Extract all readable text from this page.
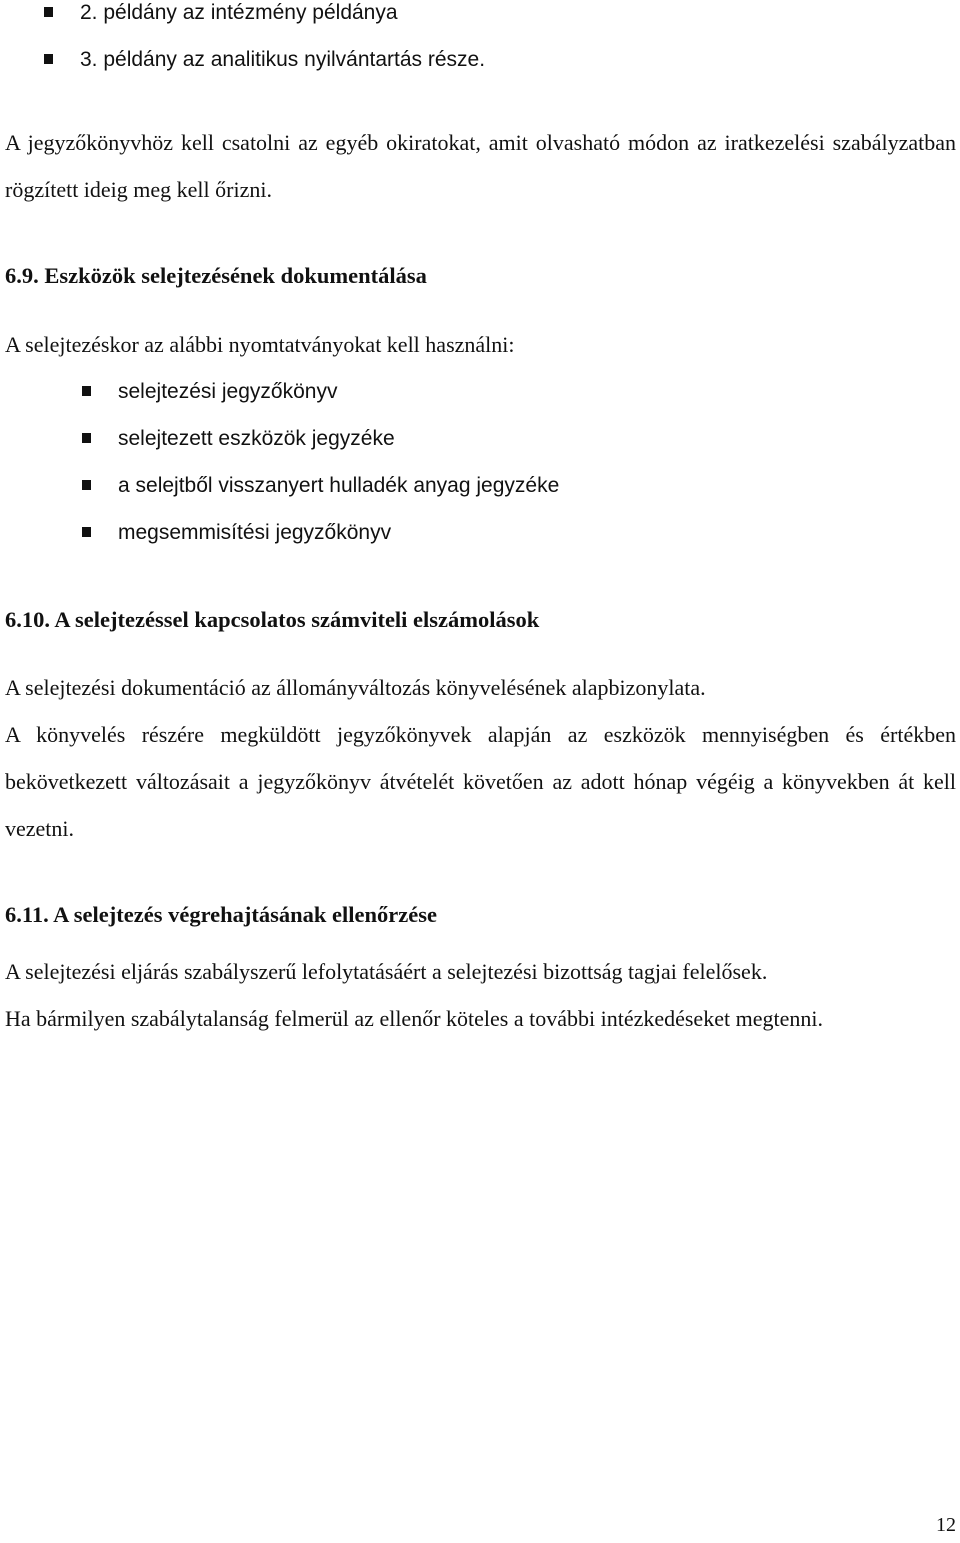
2. példány az intézmény példánya
3. példány az analitikus nyilvántartás része.

A jegyzőkönyvhöz kell csatolni az egyéb okiratokat, amit olvasható módon az iratkezelési szabályzatban rögzített ideig meg kell őrizni.

6.9. Eszközök selejtezésének dokumentálása

A selejtezéskor az alábbi nyomtatványokat kell használni:

selejtezési jegyzőkönyv
selejtezett eszközök jegyzéke
a selejtből visszanyert hulladék anyag jegyzéke
megsemmisítési jegyzőkönyv
6.10. A selejtezéssel kapcsolatos számviteli elszámolások

A selejtezési dokumentáció az állományváltozás könyvelésének alapbizonylata.

A könyvelés részére megküldött jegyzőkönyvek alapján az eszközök mennyiségben és értékben bekövetkezett változásait a jegyzőkönyv átvételét követően az adott hónap végéig a könyvekben át kell vezetni.

6.11. A selejtezés végrehajtásának ellenőrzése

A selejtezési eljárás szabályszerű lefolytatásáért a selejtezési bizottság tagjai felelősek.

Ha bármilyen szabálytalanság felmerül az ellenőr köteles a további intézkedéseket megtenni.

12
